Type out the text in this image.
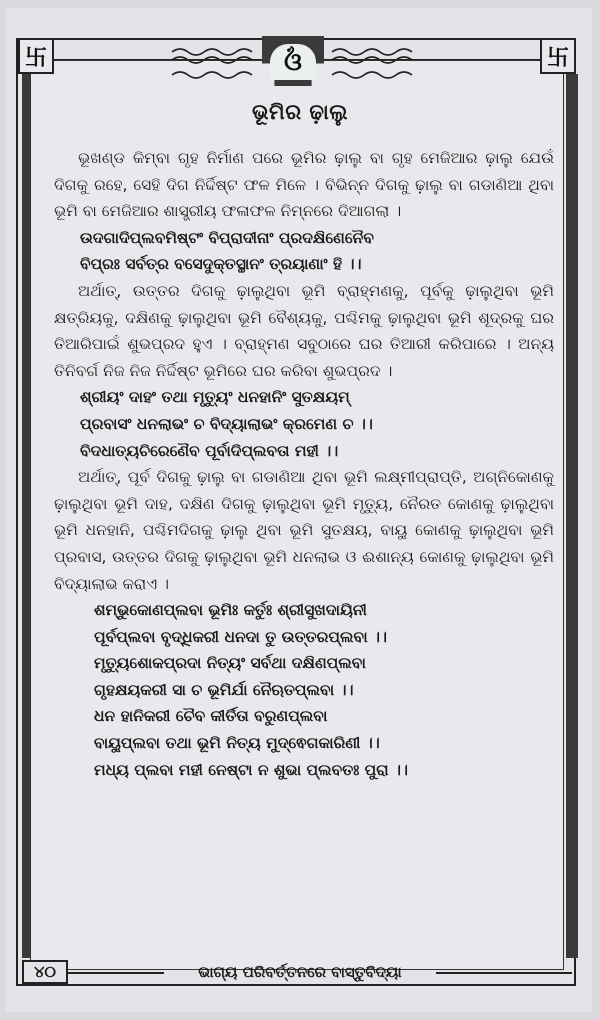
ଓଁ
卐	卐
ଭୂମିର ଢ଼ାଲୁ

ଭୂଖଣ୍ଡ କିମ୍ବା ଗୃହ ନିର୍ମାଣ ପରେ ଭୂମିର ଢ଼ାଲୁ ବା ଗୃହ ମେଜିଆର ଢ଼ାଲୁ ଯେଉଁ ଦିଗକୁ ରହେ, ସେହି ଦିଗ ନିର୍ଦ୍ଦିଷ୍ଟ ଫଳ ମିଳେ । ବିଭିନ୍ନ ଦିଗକୁ ଢ଼ାଲୁ ବା ଗଡାଣିଆ ଥିବା ଭୂମି ବା ମେଜିଆର ଶାସ୍ତ୍ରୀୟ ଫଳାଫଳ ନିମ୍ନରେ ଦିଆଗଲା ।

ଉଦଗାଦିପ୍ଲବମିଷ୍ଟଂ ବିପ୍ରାଦୀନାଂ ପ୍ରଦକ୍ଷିଣେନୈବ

ବିପ୍ରଃ ସର୍ବତ୍ର ବସେଦୁକ୍ତସ୍ଥାନଂ ତ୍ରୟାଣାଂ ହି ।।

ଅର୍ଥାତ୍, ଉତ୍ତର ଦିଗକୁ ଢ଼ାଲୁଥିବା ଭୂମି ବ୍ରାହ୍ମଣକୁ, ପୂର୍ବକୁ ଢ଼ାଲୁଥିବା ଭୂମି କ୍ଷତ୍ରିୟକୁ, ଦକ୍ଷିଣକୁ ଢ଼ାଲୁଥିବା ଭୂମି ବୈଶ୍ୟକୁ, ପଶ୍ଚିମକୁ ଢ଼ାଲୁଥିବା ଭୂମି ଶୂଦ୍ରକୁ ଘର ତିଆରିପାଇଁ ଶୁଭପ୍ରଦ ହୁଏ । ବ୍ରାହ୍ମଣ ସବୁଠାରେ ଘର ତିଆରୀ କରିପାରେ । ଅନ୍ୟ ତିନିବର୍ଗ ନିଜ ନିଜ ନିର୍ଦ୍ଦିଷ୍ଟ ଭୂମିରେ ଘର କରିବା ଶୁଭପ୍ରଦ ।

ଶ୍ରୀୟଂ ଦାହଂ ତଥା ମୃତ୍ୟୁଂ ଧନହାନିଂ ସୁତକ୍ଷୟମ୍

ପ୍ରବାସଂ ଧନଲାଭଂ ଚ ବିଦ୍ୟାଲାଭଂ କ୍ରମେଣ ଚ ।।

ବିଦଧାତ୍ୟଚିରେଣୈବ ପୂର୍ବାଦିପ୍ଲବତା ମହୀ ।।

ଅର୍ଥାତ୍, ପୂର୍ବ ଦିଗକୁ ଢ଼ାଲୁ ବା ଗଡାଣିଆ ଥିବା ଭୂମି ଲକ୍ଷ୍ମୀପ୍ରାପ୍ତି, ଅଗ୍ନିକୋଣକୁ ଢ଼ାଲୁଥିବା ଭୂମି ଦାହ, ଦକ୍ଷିଣ ଦିଗକୁ ଢ଼ାଲୁଥିବା ଭୂମି ମୃତ୍ୟୁ, ନୈରତ କୋଣକୁ ଢ଼ାଲୁଥିବା ଭୂମି ଧନହାନି, ପଶ୍ଚିମଦିଗକୁ ଢ଼ାଲୁ ଥିବା ଭୂମି ସୁତକ୍ଷୟ, ବାୟୁ କୋଣକୁ ଢ଼ାଲୁଥିବା ଭୂମି ପ୍ରବାସ, ଉତ୍ତର ଦିଗକୁ ଢ଼ାଲୁଥିବା ଭୂମି ଧନଲାଭ ଓ ଈଶାନ୍ୟ କୋଣକୁ ଢ଼ାଲୁଥିବା ଭୂମି ବିଦ୍ୟାଲାଭ କରାଏ ।

ଶମ୍ଭୁକୋଣପ୍ଲବା ଭୂମିଃ କର୍ତୁଃ ଶ୍ରୀସୁଖଦାୟିନୀ

ପୂର୍ବପ୍ଲବା ବୃଦ୍ଧିକରୀ ଧନଦା ତୁ ଉତ୍ତରପ୍ଲବା ।।

ମୃତ୍ୟୁଶୋକପ୍ରଦା ନିତ୍ୟଂ ସର୍ବଥା ଦକ୍ଷିଣପ୍ଲବା

ଗୃହକ୍ଷୟକରୀ ସା ଚ ଭୂମିର୍ଯା ନୈଋତପ୍ଲବା ।।

ଧନ ହାନିକରୀ ଚୈବ କୀର୍ତିତା ବରୁଣପ୍ଲବା

ବାୟୁପ୍ଲବା ତଥା ଭୂମି ନିତ୍ୟ ମୁଦ୍ଵେଗକାରିଣୀ ।।

ମଧ୍ୟ ପ୍ଲବା ମହୀ ନେଷ୍ଟା ନ ଶୁଭା ପ୍ଲବତଃ ପୁରା ।।

୪୦	ଭାଗ୍ୟ ପରିବର୍ତ୍ତନରେ ବାସ୍ତୁବିଦ୍ୟା
